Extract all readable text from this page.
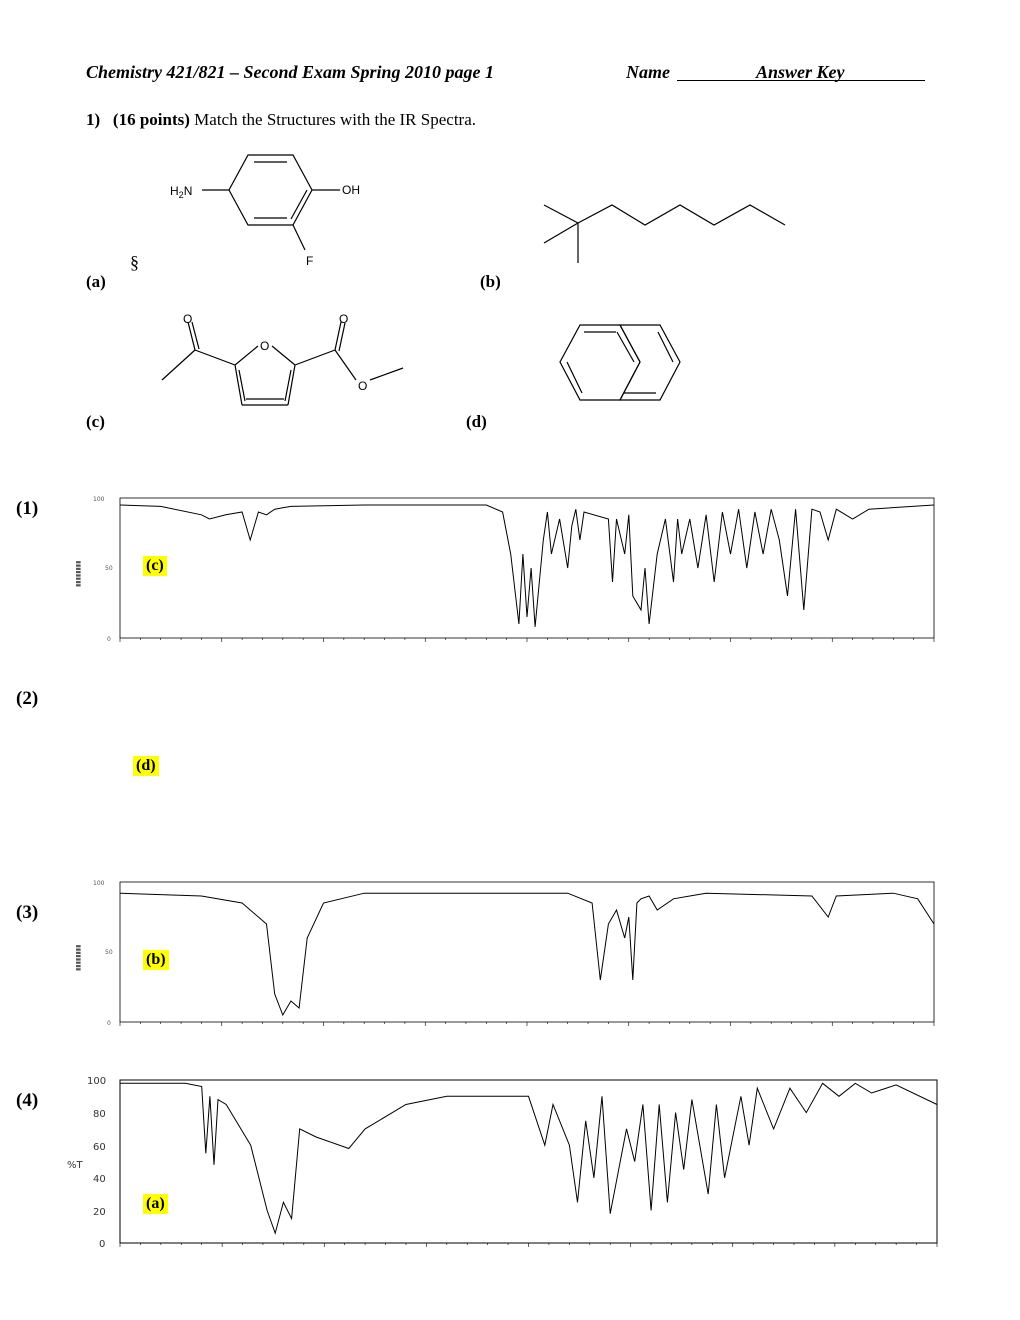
Chemistry 421/821 – Second Exam Spring 2010 page 1	Name	Answer Key
1) (16 points) Match the Structures with the IR Spectra.
$H_2N$	OH
F
§
(a)	(b)
O
O
O
O
(c)	(d)
(1)	100
50
0
▮▮▮▮▮▮▮▮	(c)
(2)
(d)
(3)
100
50
0
▮▮▮▮▮▮▮▮	(b)
(4)
100
80
60
40
20
0
%T
(a)
